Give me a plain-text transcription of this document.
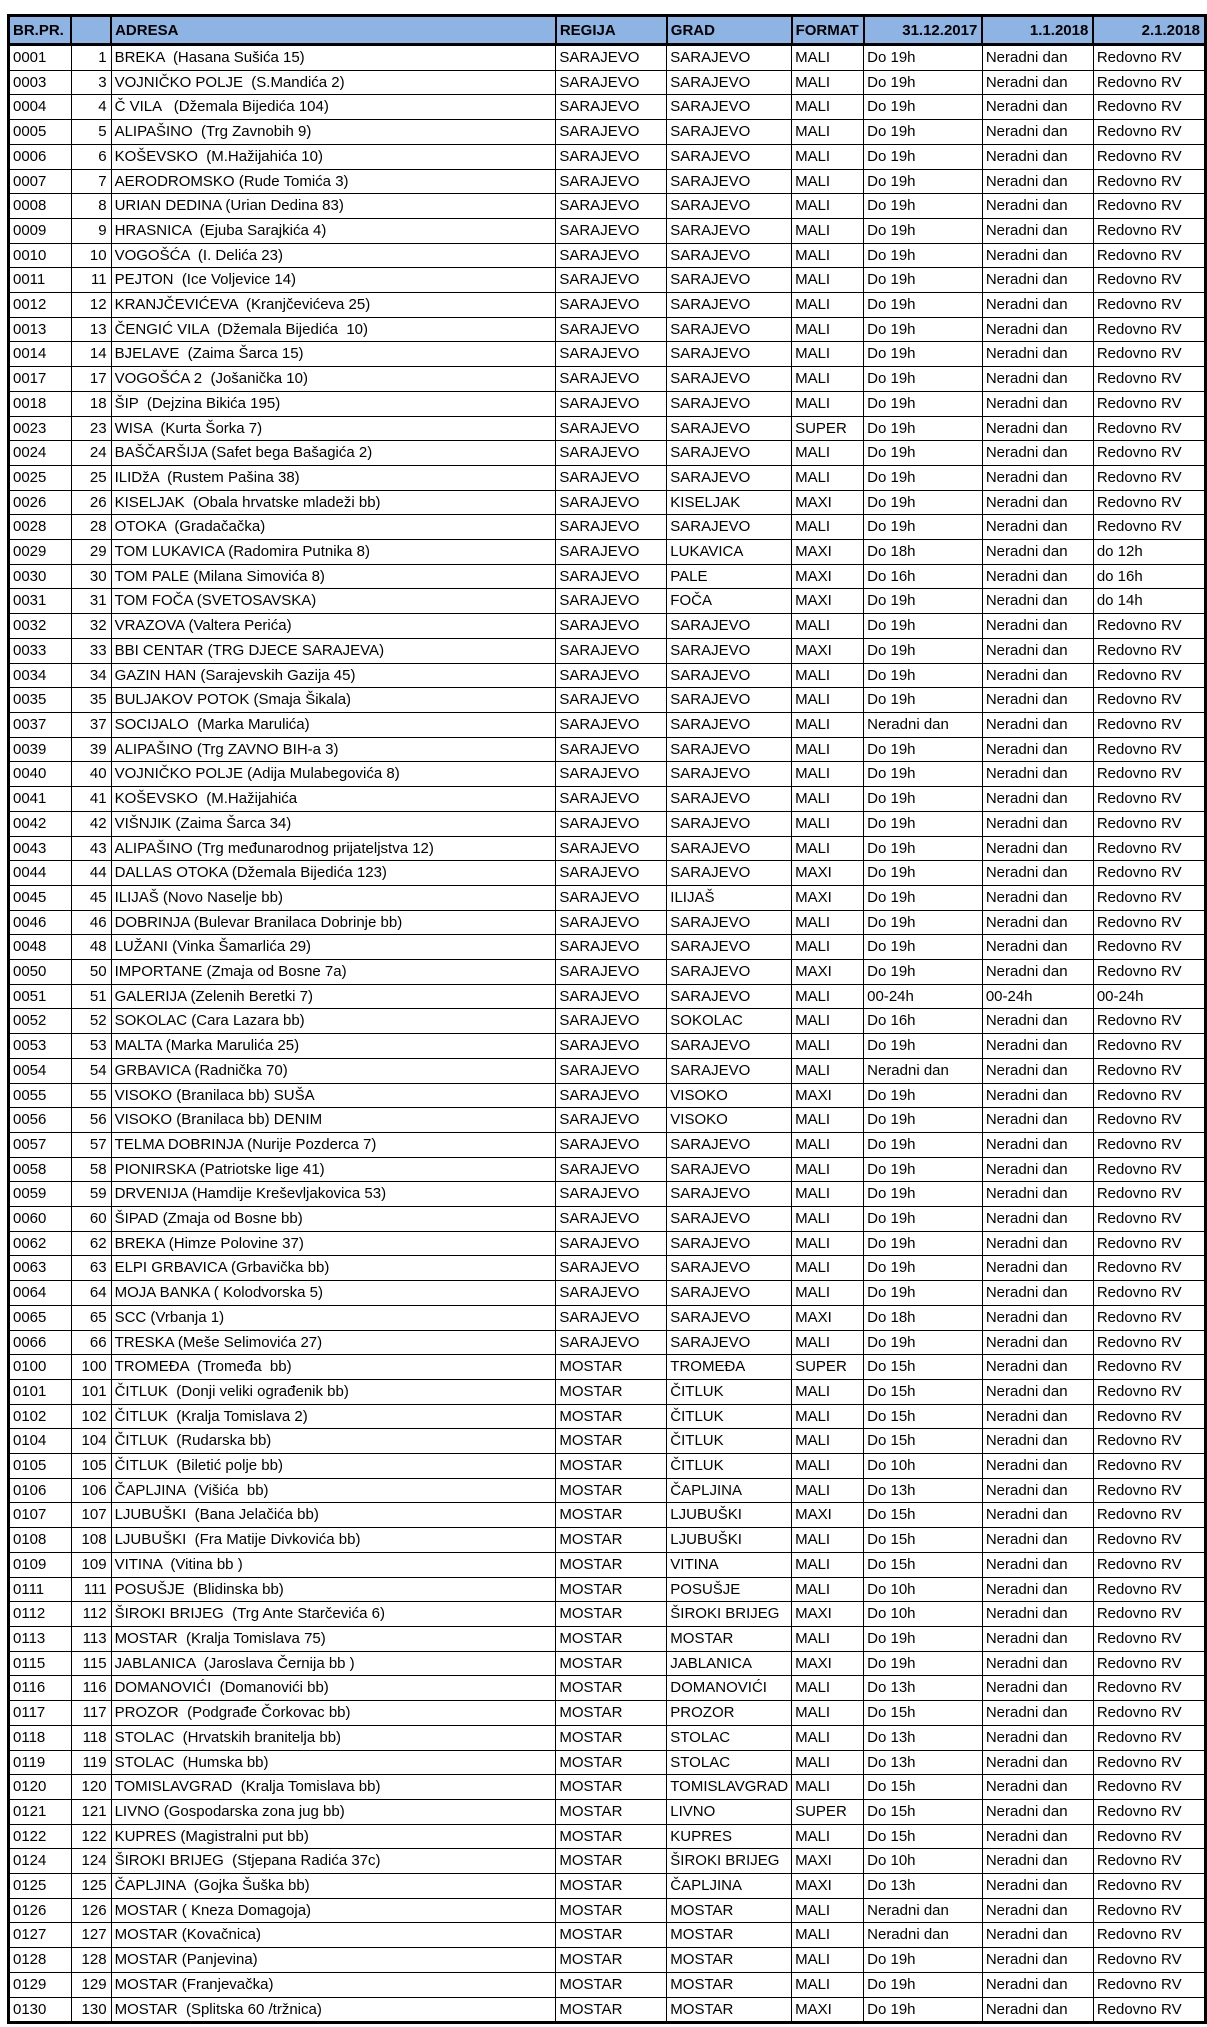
BR.PR.		ADRESA	REGIJA	GRAD	FORMAT	31.12.2017	1.1.2018	2.1.2018
0001	1	BREKA  (Hasana Sušića 15)	SARAJEVO	SARAJEVO	MALI	Do 19h	Neradni dan	Redovno RV
0003	3	VOJNIČKO POLJE  (S.Mandića 2)	SARAJEVO	SARAJEVO	MALI	Do 19h	Neradni dan	Redovno RV
0004	4	Č VILA   (Džemala Bijedića 104)	SARAJEVO	SARAJEVO	MALI	Do 19h	Neradni dan	Redovno RV
0005	5	ALIPAŠINO  (Trg Zavnobih 9)	SARAJEVO	SARAJEVO	MALI	Do 19h	Neradni dan	Redovno RV
0006	6	KOŠEVSKO  (M.Hažijahića 10)	SARAJEVO	SARAJEVO	MALI	Do 19h	Neradni dan	Redovno RV
0007	7	AERODROMSKO (Rude Tomića 3)	SARAJEVO	SARAJEVO	MALI	Do 19h	Neradni dan	Redovno RV
0008	8	URIAN DEDINA (Urian Dedina 83)	SARAJEVO	SARAJEVO	MALI	Do 19h	Neradni dan	Redovno RV
0009	9	HRASNICA  (Ejuba Sarajkića 4)	SARAJEVO	SARAJEVO	MALI	Do 19h	Neradni dan	Redovno RV
0010	10	VOGOŠĆA  (I. Delića 23)	SARAJEVO	SARAJEVO	MALI	Do 19h	Neradni dan	Redovno RV
0011	11	PEJTON  (Ice Voljevice 14)	SARAJEVO	SARAJEVO	MALI	Do 19h	Neradni dan	Redovno RV
0012	12	KRANJČEVIĆEVA  (Kranjčevićeva 25)	SARAJEVO	SARAJEVO	MALI	Do 19h	Neradni dan	Redovno RV
0013	13	ČENGIĆ VILA  (Džemala Bijedića  10)	SARAJEVO	SARAJEVO	MALI	Do 19h	Neradni dan	Redovno RV
0014	14	BJELAVE  (Zaima Šarca 15)	SARAJEVO	SARAJEVO	MALI	Do 19h	Neradni dan	Redovno RV
0017	17	VOGOŠĆA 2  (Jošanička 10)	SARAJEVO	SARAJEVO	MALI	Do 19h	Neradni dan	Redovno RV
0018	18	ŠIP  (Dejzina Bikića 195)	SARAJEVO	SARAJEVO	MALI	Do 19h	Neradni dan	Redovno RV
0023	23	WISA  (Kurta Šorka 7)	SARAJEVO	SARAJEVO	SUPER	Do 19h	Neradni dan	Redovno RV
0024	24	BAŠČARŠIJA (Safet bega Bašagića 2)	SARAJEVO	SARAJEVO	MALI	Do 19h	Neradni dan	Redovno RV
0025	25	ILIDžA  (Rustem Pašina 38)	SARAJEVO	SARAJEVO	MALI	Do 19h	Neradni dan	Redovno RV
0026	26	KISELJAK  (Obala hrvatske mladeži bb)	SARAJEVO	KISELJAK	MAXI	Do 19h	Neradni dan	Redovno RV
0028	28	OTOKA  (Gradačačka)	SARAJEVO	SARAJEVO	MALI	Do 19h	Neradni dan	Redovno RV
0029	29	TOM LUKAVICA (Radomira Putnika 8)	SARAJEVO	LUKAVICA	MAXI	Do 18h	Neradni dan	do 12h
0030	30	TOM PALE (Milana Simovića 8)	SARAJEVO	PALE	MAXI	Do 16h	Neradni dan	do 16h
0031	31	TOM FOČA (SVETOSAVSKA)	SARAJEVO	FOČA	MAXI	Do 19h	Neradni dan	do 14h
0032	32	VRAZOVA (Valtera Perića)	SARAJEVO	SARAJEVO	MALI	Do 19h	Neradni dan	Redovno RV
0033	33	BBI CENTAR (TRG DJECE SARAJEVA)	SARAJEVO	SARAJEVO	MAXI	Do 19h	Neradni dan	Redovno RV
0034	34	GAZIN HAN (Sarajevskih Gazija 45)	SARAJEVO	SARAJEVO	MALI	Do 19h	Neradni dan	Redovno RV
0035	35	BULJAKOV POTOK (Smaja Šikala)	SARAJEVO	SARAJEVO	MALI	Do 19h	Neradni dan	Redovno RV
0037	37	SOCIJALO  (Marka Marulića)	SARAJEVO	SARAJEVO	MALI	Neradni dan	Neradni dan	Redovno RV
0039	39	ALIPAŠINO (Trg ZAVNO BIH-a 3)	SARAJEVO	SARAJEVO	MALI	Do 19h	Neradni dan	Redovno RV
0040	40	VOJNIČKO POLJE (Adija Mulabegovića 8)	SARAJEVO	SARAJEVO	MALI	Do 19h	Neradni dan	Redovno RV
0041	41	KOŠEVSKO  (M.Hažijahića	SARAJEVO	SARAJEVO	MALI	Do 19h	Neradni dan	Redovno RV
0042	42	VIŠNJIK (Zaima Šarca 34)	SARAJEVO	SARAJEVO	MALI	Do 19h	Neradni dan	Redovno RV
0043	43	ALIPAŠINO (Trg međunarodnog prijateljstva 12)	SARAJEVO	SARAJEVO	MALI	Do 19h	Neradni dan	Redovno RV
0044	44	DALLAS OTOKA (Džemala Bijedića 123)	SARAJEVO	SARAJEVO	MAXI	Do 19h	Neradni dan	Redovno RV
0045	45	ILIJAŠ (Novo Naselje bb)	SARAJEVO	ILIJAŠ	MAXI	Do 19h	Neradni dan	Redovno RV
0046	46	DOBRINJA (Bulevar Branilaca Dobrinje bb)	SARAJEVO	SARAJEVO	MALI	Do 19h	Neradni dan	Redovno RV
0048	48	LUŽANI (Vinka Šamarlića 29)	SARAJEVO	SARAJEVO	MALI	Do 19h	Neradni dan	Redovno RV
0050	50	IMPORTANE (Zmaja od Bosne 7a)	SARAJEVO	SARAJEVO	MAXI	Do 19h	Neradni dan	Redovno RV
0051	51	GALERIJA (Zelenih Beretki 7)	SARAJEVO	SARAJEVO	MALI	00-24h	00-24h	00-24h
0052	52	SOKOLAC (Cara Lazara bb)	SARAJEVO	SOKOLAC	MALI	Do 16h	Neradni dan	Redovno RV
0053	53	MALTA (Marka Marulića 25)	SARAJEVO	SARAJEVO	MALI	Do 19h	Neradni dan	Redovno RV
0054	54	GRBAVICA (Radnička 70)	SARAJEVO	SARAJEVO	MALI	Neradni dan	Neradni dan	Redovno RV
0055	55	VISOKO (Branilaca bb) SUŠA	SARAJEVO	VISOKO	MAXI	Do 19h	Neradni dan	Redovno RV
0056	56	VISOKO (Branilaca bb) DENIM	SARAJEVO	VISOKO	MALI	Do 19h	Neradni dan	Redovno RV
0057	57	TELMA DOBRINJA (Nurije Pozderca 7)	SARAJEVO	SARAJEVO	MALI	Do 19h	Neradni dan	Redovno RV
0058	58	PIONIRSKA (Patriotske lige 41)	SARAJEVO	SARAJEVO	MALI	Do 19h	Neradni dan	Redovno RV
0059	59	DRVENIJA (Hamdije Kreševljakovica 53)	SARAJEVO	SARAJEVO	MALI	Do 19h	Neradni dan	Redovno RV
0060	60	ŠIPAD (Zmaja od Bosne bb)	SARAJEVO	SARAJEVO	MALI	Do 19h	Neradni dan	Redovno RV
0062	62	BREKA (Himze Polovine 37)	SARAJEVO	SARAJEVO	MALI	Do 19h	Neradni dan	Redovno RV
0063	63	ELPI GRBAVICA (Grbavička bb)	SARAJEVO	SARAJEVO	MALI	Do 19h	Neradni dan	Redovno RV
0064	64	MOJA BANKA ( Kolodvorska 5)	SARAJEVO	SARAJEVO	MALI	Do 19h	Neradni dan	Redovno RV
0065	65	SCC (Vrbanja 1)	SARAJEVO	SARAJEVO	MAXI	Do 18h	Neradni dan	Redovno RV
0066	66	TRESKA (Meše Selimovića 27)	SARAJEVO	SARAJEVO	MALI	Do 19h	Neradni dan	Redovno RV
0100	100	TROMEĐA  (Tromeđa  bb)	MOSTAR	TROMEĐA	SUPER	Do 15h	Neradni dan	Redovno RV
0101	101	ČITLUK  (Donji veliki ograđenik bb)	MOSTAR	ČITLUK	MALI	Do 15h	Neradni dan	Redovno RV
0102	102	ČITLUK  (Kralja Tomislava 2)	MOSTAR	ČITLUK	MALI	Do 15h	Neradni dan	Redovno RV
0104	104	ČITLUK  (Rudarska bb)	MOSTAR	ČITLUK	MALI	Do 15h	Neradni dan	Redovno RV
0105	105	ČITLUK  (Biletić polje bb)	MOSTAR	ČITLUK	MALI	Do 10h	Neradni dan	Redovno RV
0106	106	ČAPLJINA  (Višića  bb)	MOSTAR	ČAPLJINA	MALI	Do 13h	Neradni dan	Redovno RV
0107	107	LJUBUŠKI  (Bana Jelačića bb)	MOSTAR	LJUBUŠKI	MAXI	Do 15h	Neradni dan	Redovno RV
0108	108	LJUBUŠKI  (Fra Matije Divkovića bb)	MOSTAR	LJUBUŠKI	MALI	Do 15h	Neradni dan	Redovno RV
0109	109	VITINA  (Vitina bb )	MOSTAR	VITINA	MALI	Do 15h	Neradni dan	Redovno RV
0111	111	POSUŠJE  (Blidinska bb)	MOSTAR	POSUŠJE	MALI	Do 10h	Neradni dan	Redovno RV
0112	112	ŠIROKI BRIJEG  (Trg Ante Starčevića 6)	MOSTAR	ŠIROKI BRIJEG	MAXI	Do 10h	Neradni dan	Redovno RV
0113	113	MOSTAR  (Kralja Tomislava 75)	MOSTAR	MOSTAR	MALI	Do 19h	Neradni dan	Redovno RV
0115	115	JABLANICA  (Jaroslava Černija bb )	MOSTAR	JABLANICA	MAXI	Do 19h	Neradni dan	Redovno RV
0116	116	DOMANOVIĆI  (Domanovići bb)	MOSTAR	DOMANOVIĆI	MALI	Do 13h	Neradni dan	Redovno RV
0117	117	PROZOR  (Podgrađe Čorkovac bb)	MOSTAR	PROZOR	MALI	Do 15h	Neradni dan	Redovno RV
0118	118	STOLAC  (Hrvatskih branitelja bb)	MOSTAR	STOLAC	MALI	Do 13h	Neradni dan	Redovno RV
0119	119	STOLAC  (Humska bb)	MOSTAR	STOLAC	MALI	Do 13h	Neradni dan	Redovno RV
0120	120	TOMISLAVGRAD  (Kralja Tomislava bb)	MOSTAR	TOMISLAVGRAD	MALI	Do 15h	Neradni dan	Redovno RV
0121	121	LIVNO (Gospodarska zona jug bb)	MOSTAR	LIVNO	SUPER	Do 15h	Neradni dan	Redovno RV
0122	122	KUPRES (Magistralni put bb)	MOSTAR	KUPRES	MALI	Do 15h	Neradni dan	Redovno RV
0124	124	ŠIROKI BRIJEG  (Stjepana Radića 37c)	MOSTAR	ŠIROKI BRIJEG	MAXI	Do 10h	Neradni dan	Redovno RV
0125	125	ČAPLJINA  (Gojka Šuška bb)	MOSTAR	ČAPLJINA	MAXI	Do 13h	Neradni dan	Redovno RV
0126	126	MOSTAR ( Kneza Domagoja)	MOSTAR	MOSTAR	MALI	Neradni dan	Neradni dan	Redovno RV
0127	127	MOSTAR (Kovačnica)	MOSTAR	MOSTAR	MALI	Neradni dan	Neradni dan	Redovno RV
0128	128	MOSTAR (Panjevina)	MOSTAR	MOSTAR	MALI	Do 19h	Neradni dan	Redovno RV
0129	129	MOSTAR (Franjevačka)	MOSTAR	MOSTAR	MALI	Do 19h	Neradni dan	Redovno RV
0130	130	MOSTAR  (Splitska 60 /tržnica)	MOSTAR	MOSTAR	MAXI	Do 19h	Neradni dan	Redovno RV
